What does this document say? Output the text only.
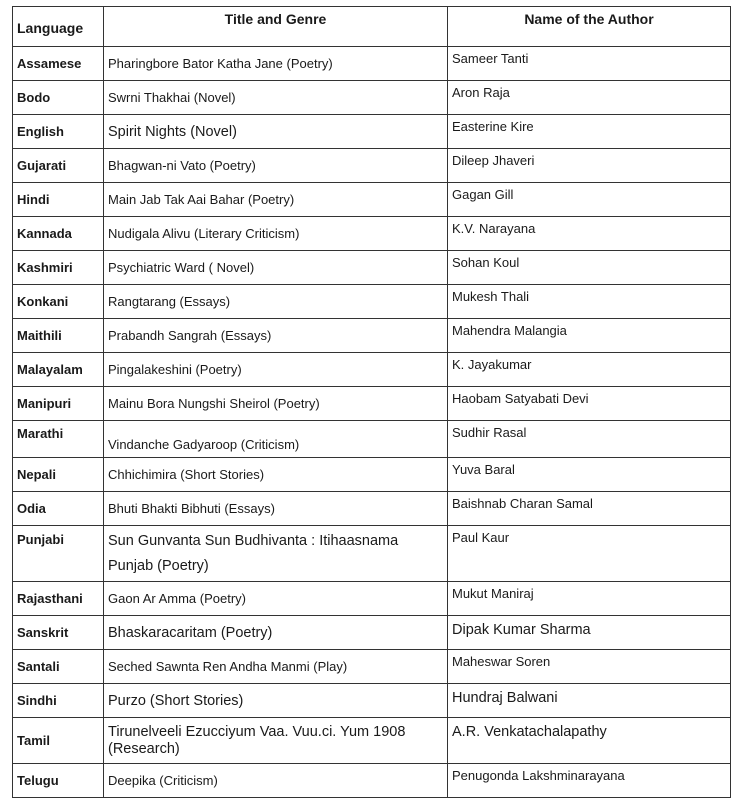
Language	Title and Genre	Name of the Author
Assamese	Pharingbore Bator Katha Jane (Poetry)	Sameer Tanti
Bodo	Swrni Thakhai (Novel)	Aron Raja
English	Spirit Nights (Novel)	Easterine Kire
Gujarati	Bhagwan-ni Vato (Poetry)	Dileep Jhaveri
Hindi	Main Jab Tak Aai Bahar (Poetry)	Gagan Gill
Kannada	Nudigala Alivu (Literary Criticism)	K.V. Narayana
Kashmiri	Psychiatric Ward ( Novel)	Sohan Koul
Konkani	Rangtarang (Essays)	Mukesh Thali
Maithili	Prabandh Sangrah (Essays)	Mahendra Malangia
Malayalam	Pingalakeshini (Poetry)	K. Jayakumar
Manipuri	Mainu Bora Nungshi Sheirol (Poetry)	Haobam Satyabati Devi
Marathi	Vindanche Gadyaroop (Criticism)	Sudhir Rasal
Nepali	Chhichimira (Short Stories)	Yuva Baral
Odia	Bhuti Bhakti Bibhuti (Essays)	Baishnab Charan Samal
Punjabi	Sun Gunvanta Sun Budhivanta : Itihaasnama Punjab (Poetry)	Paul Kaur
Rajasthani	Gaon Ar Amma (Poetry)	Mukut Maniraj
Sanskrit	Bhaskaracaritam (Poetry)	Dipak Kumar Sharma
Santali	Seched Sawnta Ren Andha Manmi (Play)	Maheswar Soren
Sindhi	Purzo (Short Stories)	Hundraj Balwani
Tamil	Tirunelveeli Ezucciyum Vaa. Vuu.ci. Yum 1908 (Research)	A.R. Venkatachalapathy
Telugu	Deepika (Criticism)	Penugonda Lakshminarayana
